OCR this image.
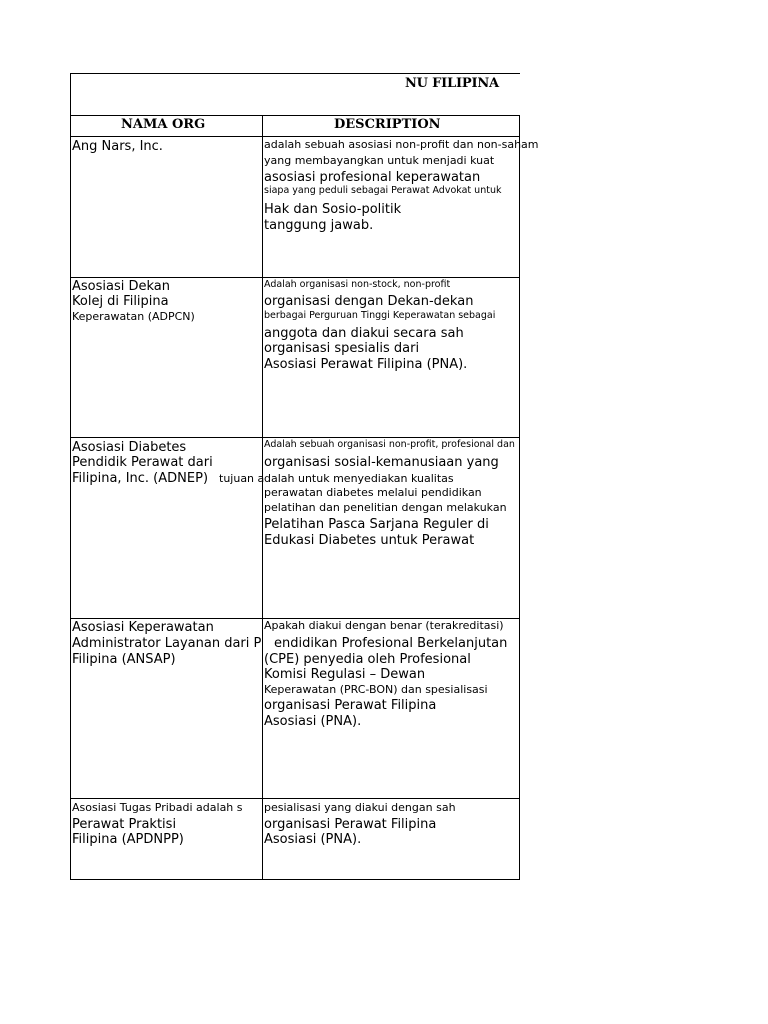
NU FILIPINA
NAMA ORG	DESCRIPTION
Ang Nars, Inc.	adalah sebuah asosiasi non-profit dan non-saham
yang membayangkan untuk menjadi kuat
asosiasi profesional keperawatan
siapa yang peduli sebagai Perawat Advokat untuk
Hak dan Sosio-politik
tanggung jawab.
Asosiasi Dekan
Kolej di Filipina
Keperawatan (ADPCN)
Adalah organisasi non-stock, non-profit
organisasi dengan Dekan-dekan
berbagai Perguruan Tinggi Keperawatan sebagai
anggota dan diakui secara sah
organisasi spesialis dari
Asosiasi Perawat Filipina (PNA).
Asosiasi Diabetes
Pendidik Perawat dari
Filipina, Inc. (ADNEP) tujuan a
Adalah sebuah organisasi non-profit, profesional dan
organisasi sosial-kemanusiaan yang
dalah untuk menyediakan kualitas
perawatan diabetes melalui pendidikan
pelatihan dan penelitian dengan melakukan
Pelatihan Pasca Sarjana Reguler di
Edukasi Diabetes untuk Perawat
Asosiasi Keperawatan
Administrator Layanan dari P
Filipina (ANSAP)
Apakah diakui dengan benar (terakreditasi)
endidikan Profesional Berkelanjutan
(CPE) penyedia oleh Profesional
Komisi Regulasi – Dewan
Keperawatan (PRC-BON) dan spesialisasi
organisasi Perawat Filipina
Asosiasi (PNA).
Asosiasi Tugas Pribadi adalah s
Perawat Praktisi
Filipina (APDNPP)
pesialisasi yang diakui dengan sah
organisasi Perawat Filipina
Asosiasi (PNA).
